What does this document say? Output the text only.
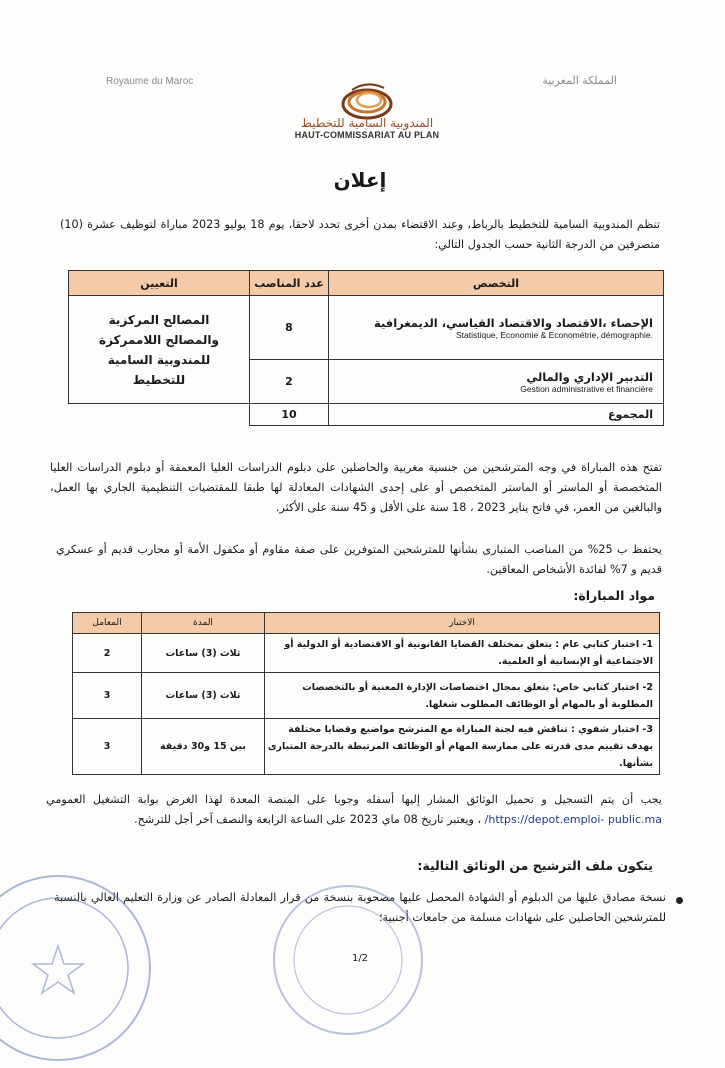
Royaume du Maroc	المملكة المغربية
المندوبية السامية للتخطيط
HAUT-COMMISSARIAT AU PLAN
إعلان
تنظم المندوبية السامية للتخطيط بالرباط، وعند الاقتضاء بمدن أخرى تحدد لاحقا، يوم 18 يوليو 2023 مباراة لتوظيف عشرة (10) متصرفين من الدرجة الثانية حسب الجدول التالي:
التخصص	عدد المناصب	التعيين

الإحصاء ،الاقتصاد والاقتصاد القياسي، الديمغرافية
Statistique, Economie & Econométrie, démographie.	8	المصالح المركزية والمصالح اللاممركزة للمندوبية السامية للتخطيط

التدبير الإداري والمالي
Gestion administrative et financière	2	
المجموع	10	
تفتح هذه المباراة في وجه المترشحين من جنسية مغربية والحاصلين على دبلوم الدراسات العليا المعمقة أو دبلوم الدراسات العليا المتخصصة أو الماستر أو الماستر المتخصص أو على إحدى الشهادات المعادلة لها طبقا للمقتضيات التنظيمية الجاري بها العمل، والبالغين من العمر، في فاتح يناير 2023 ، 18 سنة على الأقل و 45 سنة على الأكثر.
يحتفظ ب 25% من المناصب المتبارى بشأنها للمترشحين المتوفرين على صفة مقاوم أو مكفول الأمة أو محارب قديم أو عسكري قديم و 7% لفائدة الأشخاص المعاقين.
مواد المباراة:
الاختبار	المدة	المعامل
1- اختبار كتابي عام : يتعلق بمختلف القضايا القانونية أو الاقتصادية أو الدولية أو الاجتماعية أو الإنسانية أو العلمية.	ثلاث (3) ساعات	2
2- اختبار كتابي خاص: يتعلق بمجال اختصاصات الإدارة المعنية أو بالتخصصات المطلوبة أو بالمهام أو الوظائف المطلوب شغلها.	ثلاث (3) ساعات	3
3- اختبار شفوي : تناقش فيه لجنة المباراة مع المترشح مواضيع وقضايا مختلفة بهدف تقييم مدى قدرته على ممارسة المهام أو الوظائف المرتبطة بالدرجة المتبارى بشأنها.	بين 15 و30 دقيقة	3
يجب أن يتم التسجيل و تحميل الوثائق المشار إليها أسفله وجوبا على المنصة المعدة لهذا الغرض بوابة التشغيل العمومي https://depot.emploi- public.ma/ ، ويعتبر تاريخ 08 ماي 2023 على الساعة الرابعة والنصف آخر أجل للترشح.
يتكون ملف الترشيح من الوثائق التالية:
نسخة مصادق عليها من الدبلوم أو الشهادة المحصل عليها مصحوبة بنسخة من قرار المعادلة الصادر عن وزارة التعليم العالي بالنسبة للمترشحين الحاصلين على شهادات مسلمة من جامعات أجنبية؛
1/2
